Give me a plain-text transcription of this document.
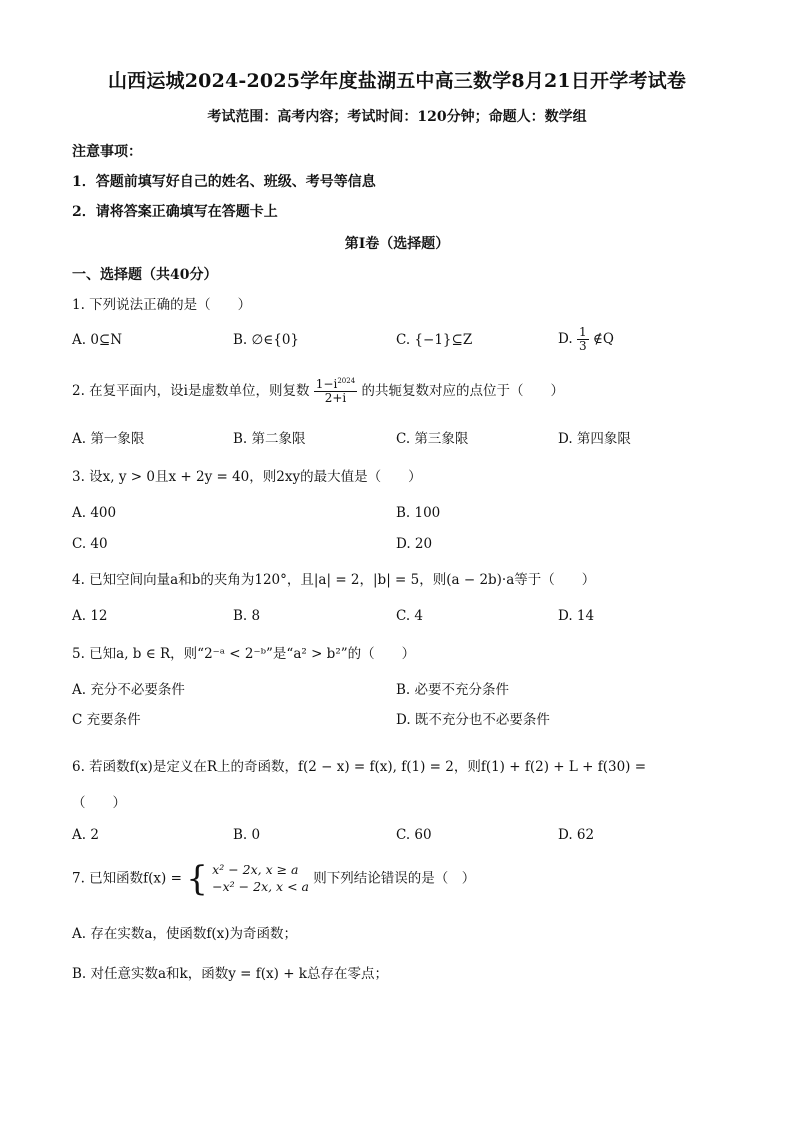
山西运城2024-2025学年度盐湖五中高三数学8月21日开学考试卷
考试范围：高考内容；考试时间：120分钟；命题人：数学组
注意事项：
1．答题前填写好自己的姓名、班级、考号等信息
2．请将答案正确填写在答题卡上
第I卷（选择题）
一、选择题（共40分）
1. 下列说法正确的是（　　）
A. 0⊆N	B. ∅∈{0}	C. {−1}⊆Z	D. $\frac{1}{3}$ ∉Q
2. 在复平面内，设i是虚数单位，则复数 $\frac{1-i^{2024}}{2+i}$ 的共轭复数对应的点位于（　　）
A. 第一象限	B. 第二象限	C. 第三象限	D. 第四象限
3. 设x, y > 0且x + 2y = 40，则2xy的最大值是（　　）
A. 400	B. 100
C. 40	D. 20
4. 已知空间向量a和b的夹角为120°，且|a| = 2，|b| = 5，则(a − 2b)·a等于（　　）
A. 12	B. 8	C. 4	D. 14
5. 已知a, b ∈ R，则“2⁻ᵃ < 2⁻ᵇ”是“a² > b²”的（　　）
A. 充分不必要条件	B. 必要不充分条件
C 充要条件	D. 既不充分也不必要条件
6. 若函数f(x)是定义在R上的奇函数，f(2 − x) = f(x), f(1) = 2，则f(1) + f(2) + L + f(30) =
（　　）
A. 2	B. 0	C. 60	D. 62
7. 已知函数f(x) = { x² − 2x, x ≥ a
−x² − 2x, x < a 则下列结论错误的是（　）
A. 存在实数a，使函数f(x)为奇函数；
B. 对任意实数a和k，函数y = f(x) + k总存在零点；
